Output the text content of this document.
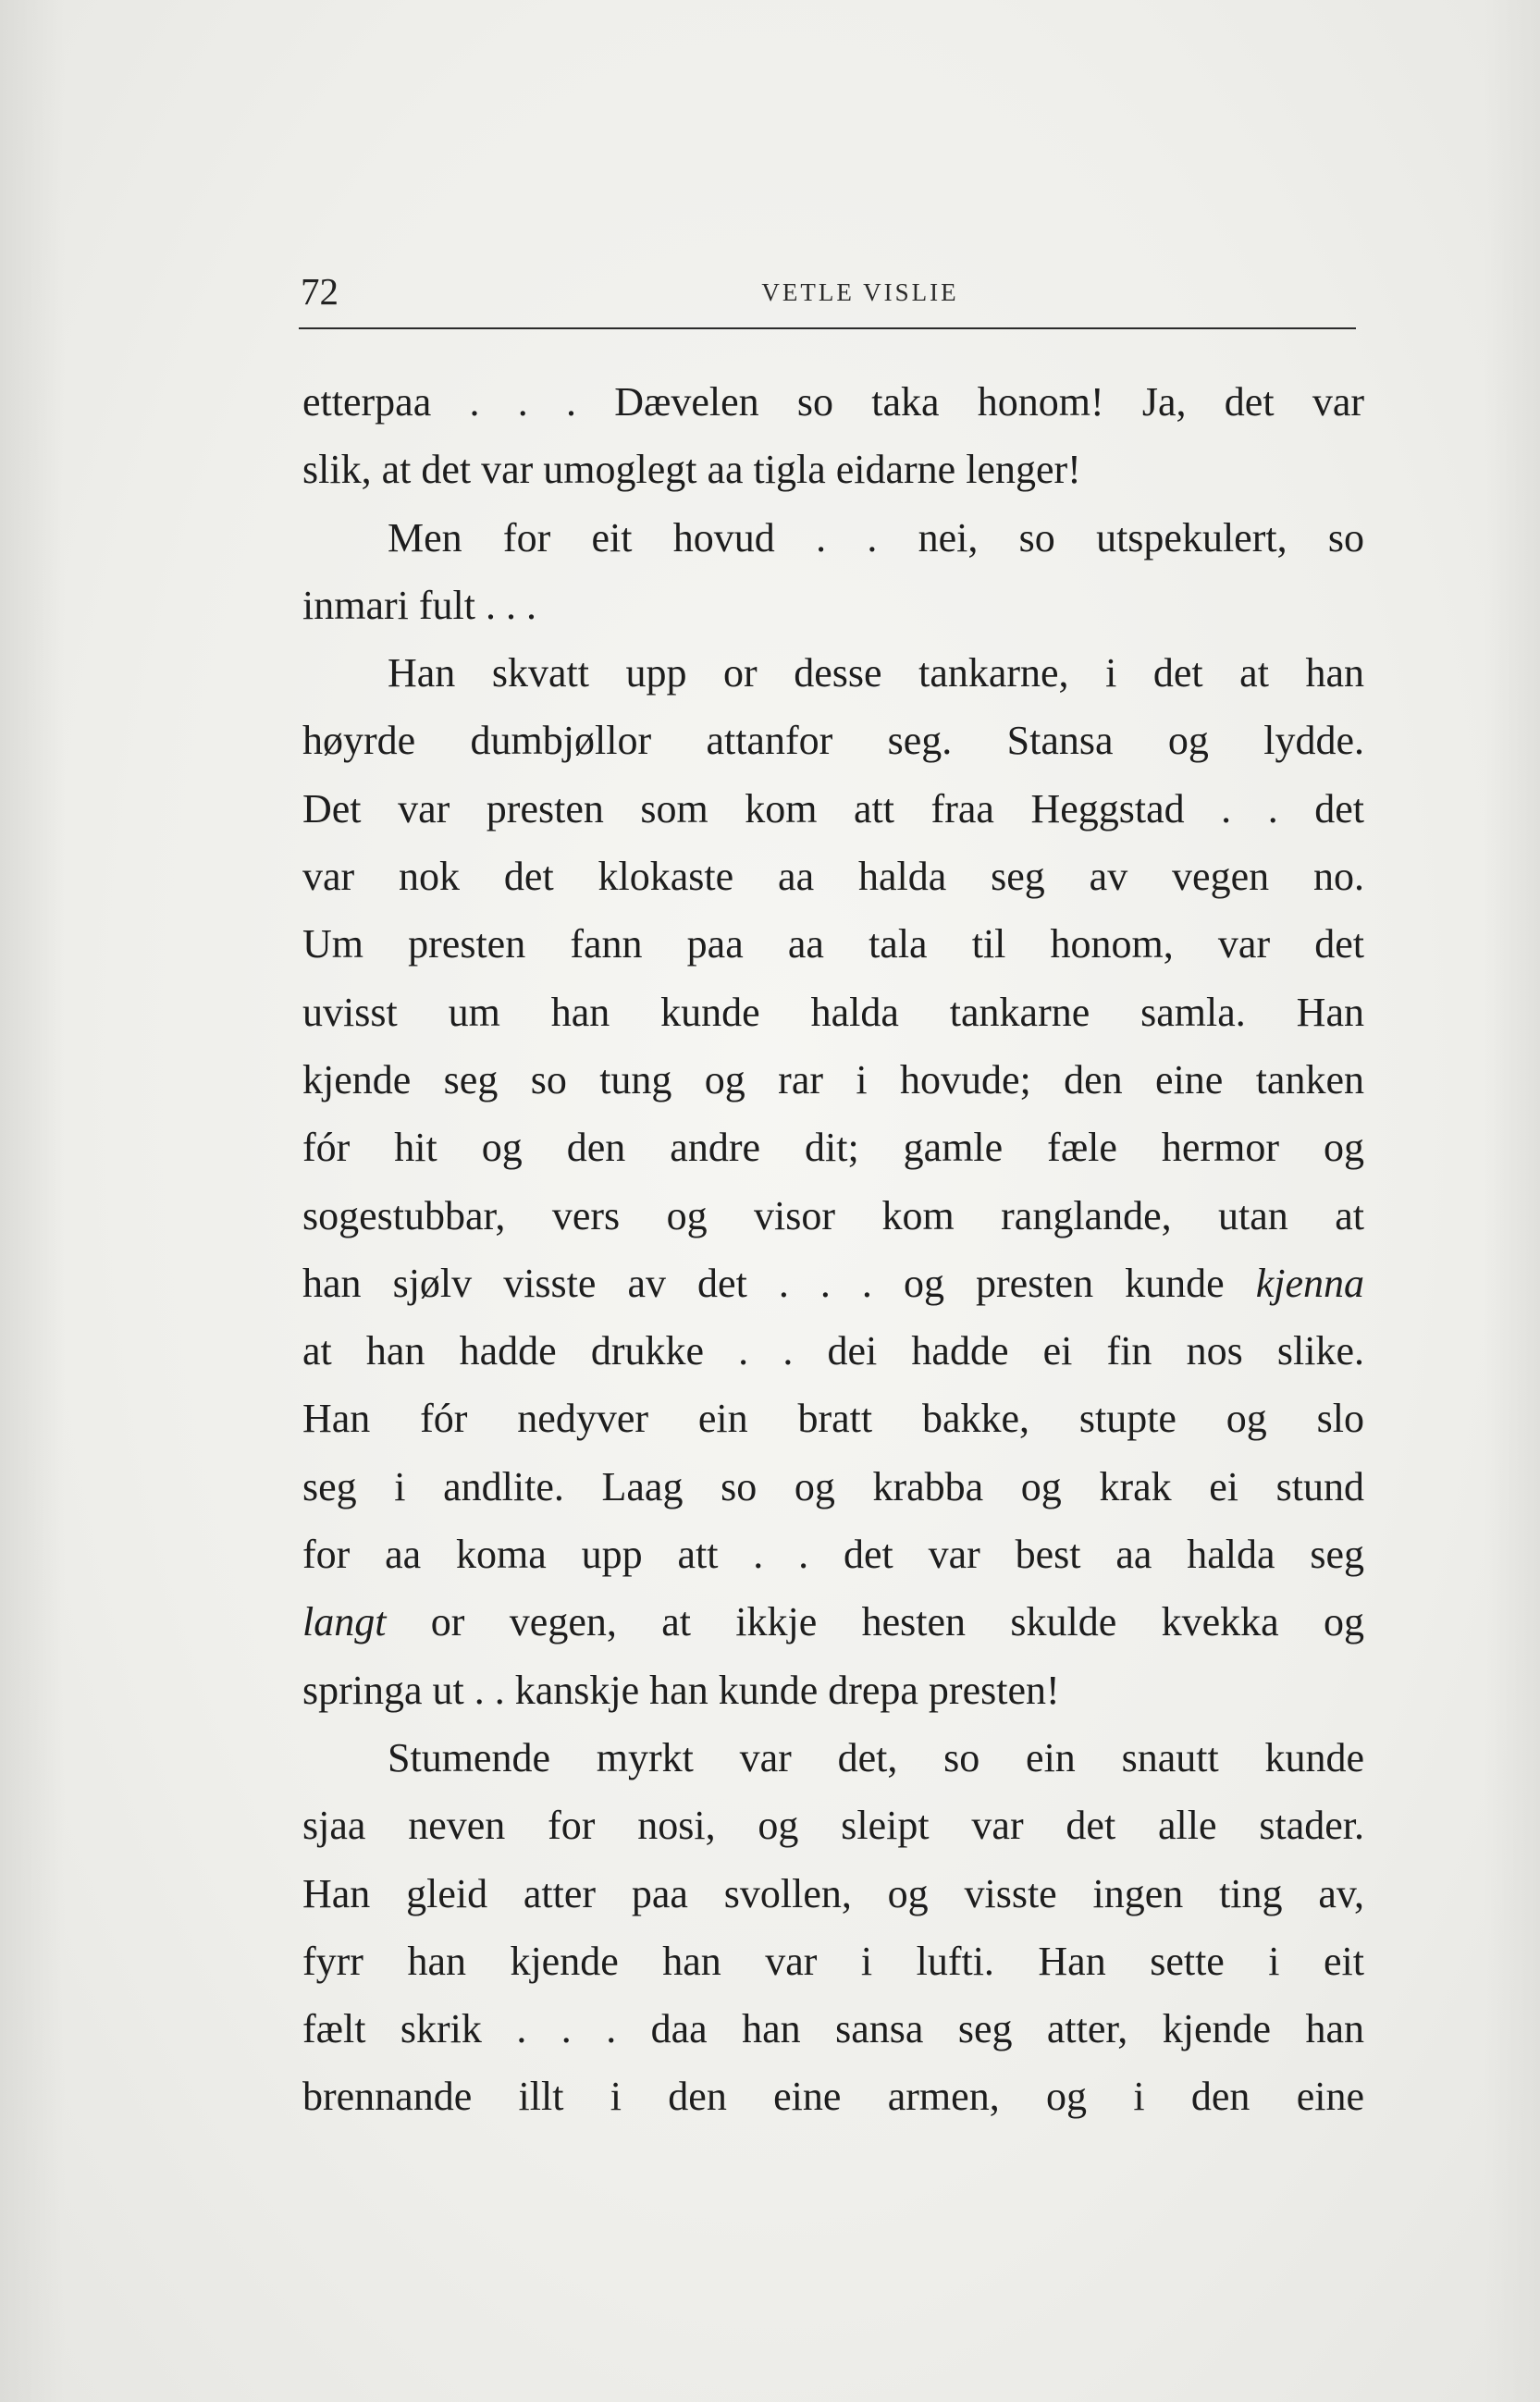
72	VETLE VISLIE
etterpaa . . . Dævelen so taka honom! Ja, det var
slik, at det var umoglegt aa tigla eidarne lenger!
Men for eit hovud . . nei, so utspekulert, so
inmari fult . . .
Han skvatt upp or desse tankarne, i det at han
høyrde dumbjøllor attanfor seg. Stansa og lydde.
Det var presten som kom att fraa Heggstad . . det
var nok det klokaste aa halda seg av vegen no.
Um presten fann paa aa tala til honom, var det
uvisst um han kunde halda tankarne samla. Han
kjende seg so tung og rar i hovude; den eine tanken
fór hit og den andre dit; gamle fæle hermor og
sogestubbar, vers og visor kom ranglande, utan at
han sjølv visste av det . . . og presten kunde kjenna
at han hadde drukke . . dei hadde ei fin nos slike.
Han fór nedyver ein bratt bakke, stupte og slo
seg i andlite. Laag so og krabba og krak ei stund
for aa koma upp att . . det var best aa halda seg
langt or vegen, at ikkje hesten skulde kvekka og
springa ut . . kanskje han kunde drepa presten!
Stumende myrkt var det, so ein snautt kunde
sjaa neven for nosi, og sleipt var det alle stader.
Han gleid atter paa svollen, og visste ingen ting av,
fyrr han kjende han var i lufti. Han sette i eit
fælt skrik . . . daa han sansa seg atter, kjende han
brennande illt i den eine armen, og i den eine
